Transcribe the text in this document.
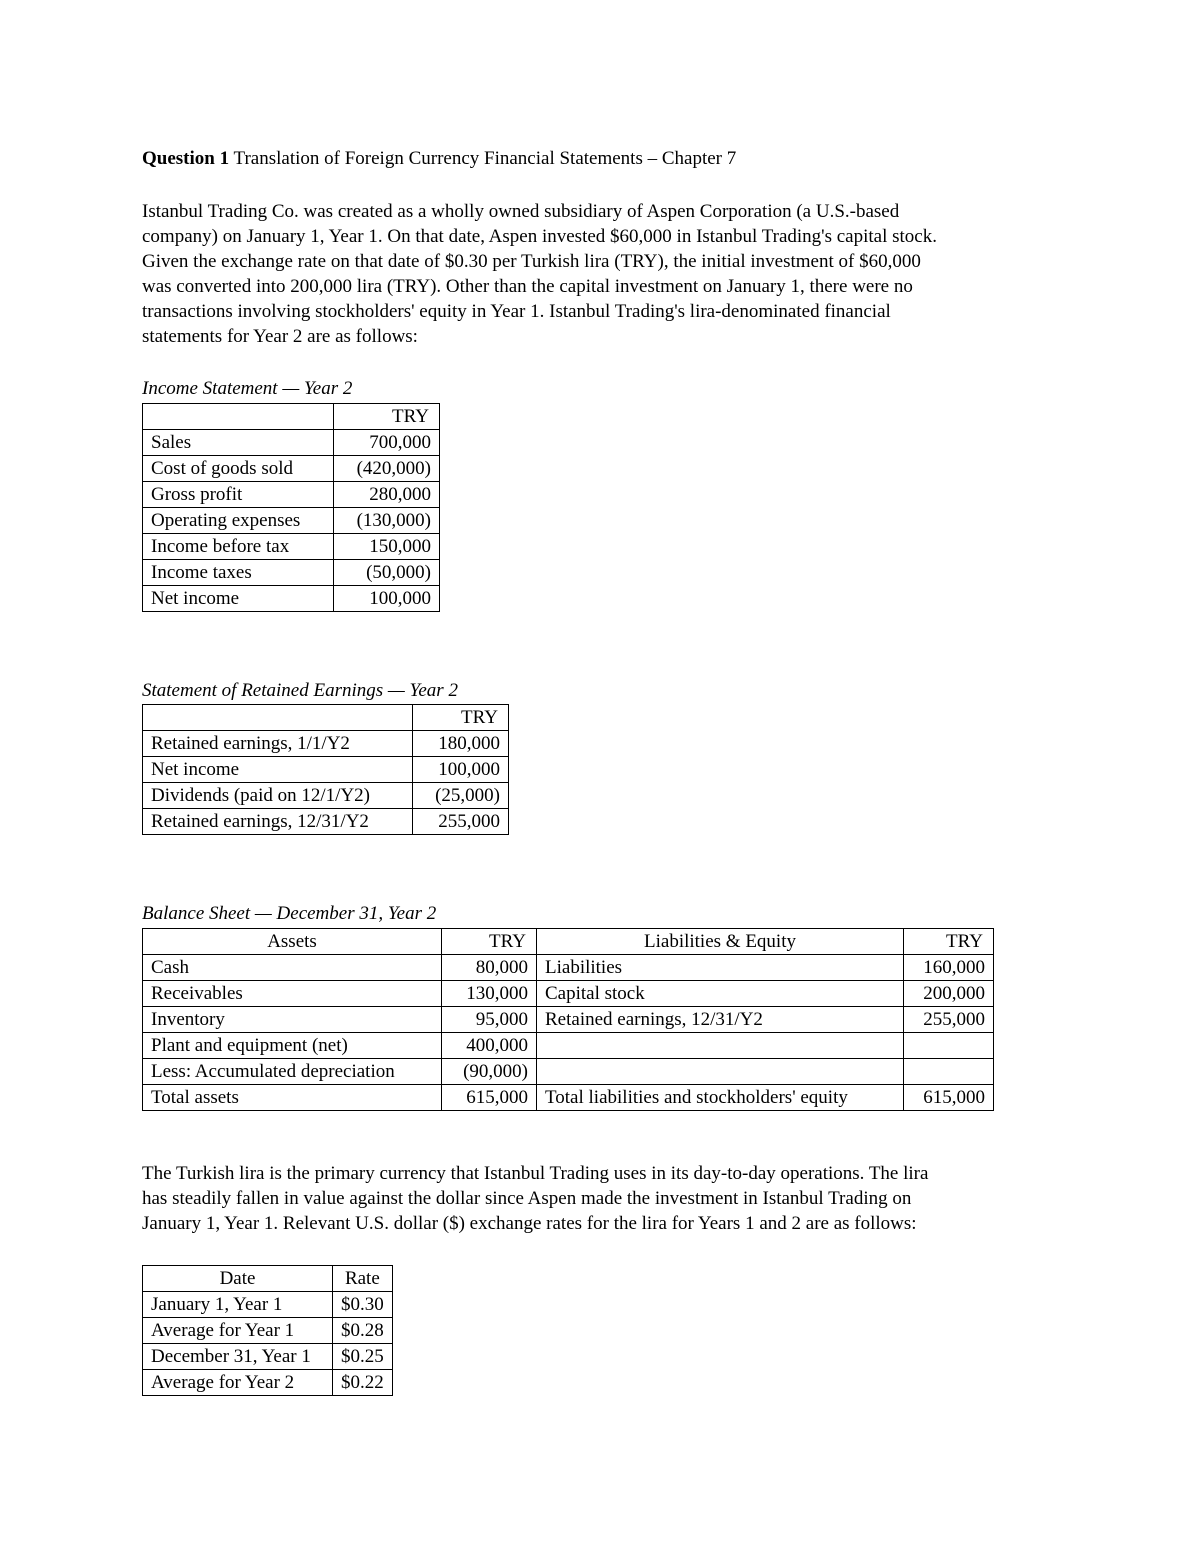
Question 1 Translation of Foreign Currency Financial Statements – Chapter 7
Istanbul Trading Co. was created as a wholly owned subsidiary of Aspen Corporation (a U.S.-based
company) on January 1, Year 1. On that date, Aspen invested $60,000 in Istanbul Trading's capital stock.
Given the exchange rate on that date of $0.30 per Turkish lira (TRY), the initial investment of $60,000
was converted into 200,000 lira (TRY). Other than the capital investment on January 1, there were no
transactions involving stockholders' equity in Year 1. Istanbul Trading's lira-denominated financial
statements for Year 2 are as follows:
Income Statement — Year 2
	TRY
Sales	700,000
Cost of goods sold	(420,000)
Gross profit	280,000
Operating expenses	(130,000)
Income before tax	150,000
Income taxes	(50,000)
Net income	100,000
Statement of Retained Earnings — Year 2
	TRY
Retained earnings, 1/1/Y2	180,000
Net income	100,000
Dividends (paid on 12/1/Y2)	(25,000)
Retained earnings, 12/31/Y2	255,000
Balance Sheet — December 31, Year 2
Assets	TRY	Liabilities & Equity	TRY
Cash	80,000	Liabilities	160,000
Receivables	130,000	Capital stock	200,000
Inventory	95,000	Retained earnings, 12/31/Y2	255,000
Plant and equipment (net)	400,000		
Less: Accumulated depreciation	(90,000)		
Total assets	615,000	Total liabilities and stockholders' equity	615,000
The Turkish lira is the primary currency that Istanbul Trading uses in its day-to-day operations. The lira
has steadily fallen in value against the dollar since Aspen made the investment in Istanbul Trading on
January 1, Year 1. Relevant U.S. dollar ($) exchange rates for the lira for Years 1 and 2 are as follows:
Date	Rate
January 1, Year 1	$0.30
Average for Year 1	$0.28
December 31, Year 1	$0.25
Average for Year 2	$0.22
